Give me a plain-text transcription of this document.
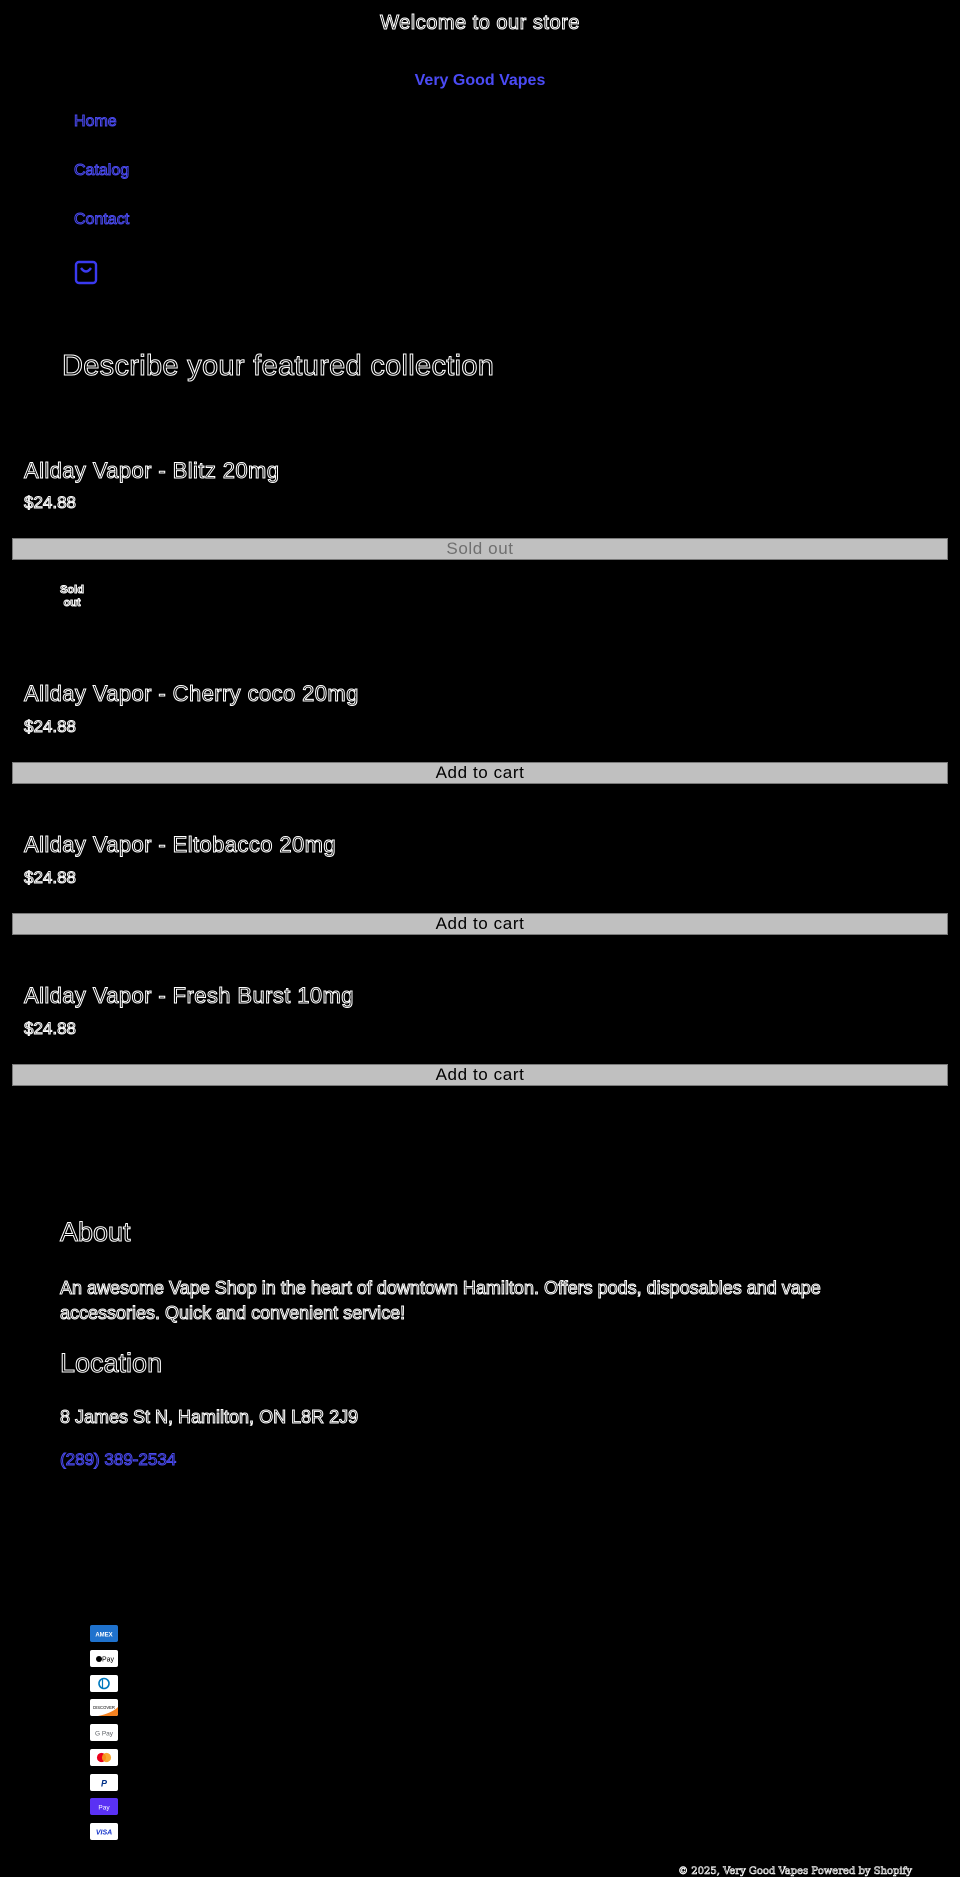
Welcome to our store
Very Good Vapes
Home
Catalog
Contact
Describe your featured collection
Allday Vapor - Blitz 20mg
$24.88
Sold out
Sold out
Allday Vapor - Cherry coco 20mg
$24.88
Add to cart
Allday Vapor - Eltobacco 20mg
$24.88
Add to cart
Allday Vapor - Fresh Burst 10mg
$24.88
Add to cart
About

An awesome Vape Shop in the heart of downtown Hamilton. Offers pods, disposables and vape accessories. Quick and convenient service!

Location
8 James St N, Hamilton, ON L8R 2J9
(289) 389-2534
AMEX
Pay
DISCOVER
G Pay
P
Pay
VISA
© 2025, Very Good Vapes Powered by Shopify
